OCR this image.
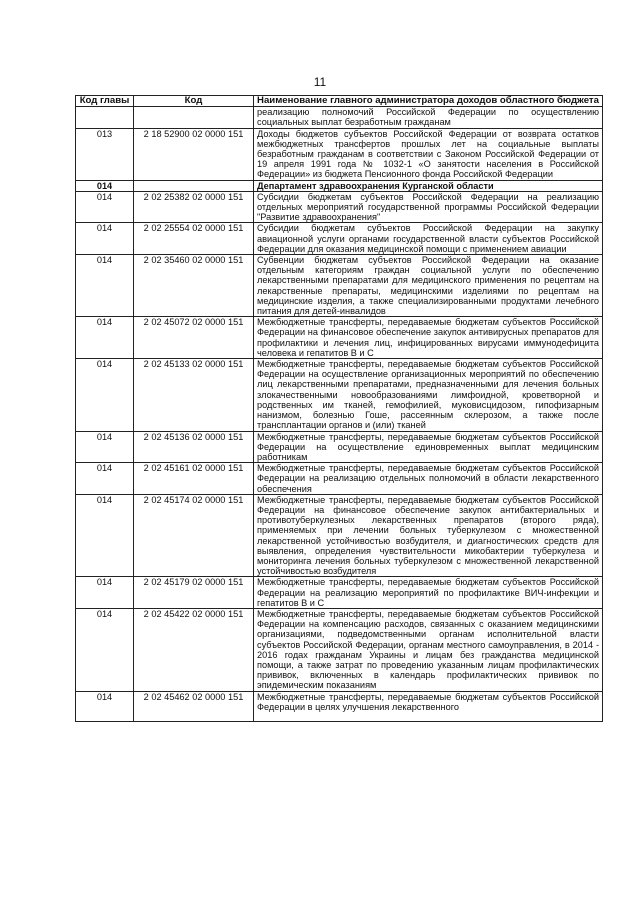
11
Код главы	Код	Наименование главного администратора доходов областного бюджета
		реализацию полномочий Российской Федерации по осуществлению социальных выплат безработным гражданам
013	2 18 52900 02 0000 151	Доходы бюджетов субъектов Российской Федерации от возврата остатков межбюджетных трансфертов прошлых лет на социальные выплаты безработным гражданам в соответствии с Законом Российской Федерации от 19 апреля 1991 года № 1032-1 «О занятости населения в Российской Федерации» из бюджета Пенсионного фонда Российской Федерации
014		Департамент здравоохранения Курганской области
014	2 02 25382 02 0000 151	Субсидии бюджетам субъектов Российской Федерации на реализацию отдельных мероприятий государственной программы Российской Федерации "Развитие здравоохранения"
014	2 02 25554 02 0000 151	Субсидии бюджетам субъектов Российской Федерации на закупку авиационной услуги органами государственной власти субъектов Российской Федерации для оказания медицинской помощи с применением авиации
014	2 02 35460 02 0000 151	Субвенции бюджетам субъектов Российской Федерации на оказание отдельным категориям граждан социальной услуги по обеспечению лекарственными препаратами для медицинского применения по рецептам на лекарственные препараты, медицинскими изделиями по рецептам на медицинские изделия, а также специализированными продуктами лечебного питания для детей-инвалидов
014	2 02 45072 02 0000 151	Межбюджетные трансферты, передаваемые бюджетам субъектов Российской Федерации на финансовое обеспечение закупок антивирусных препаратов для профилактики и лечения лиц, инфицированных вирусами иммунодефицита человека и гепатитов B и C
014	2 02 45133 02 0000 151	Межбюджетные трансферты, передаваемые бюджетам субъектов Российской Федерации на осуществление организационных мероприятий по обеспечению лиц лекарственными препаратами, предназначенными для лечения больных злокачественными новообразованиями лимфоидной, кроветворной и родственных им тканей, гемофилией, муковисцидозом, гипофизарным нанизмом, болезнью Гоше, рассеянным склерозом, а также после трансплантации органов и (или) тканей
014	2 02 45136 02 0000 151	Межбюджетные трансферты, передаваемые бюджетам субъектов Российской Федерации на осуществление единовременных выплат медицинским работникам
014	2 02 45161 02 0000 151	Межбюджетные трансферты, передаваемые бюджетам субъектов Российской Федерации на реализацию отдельных полномочий в области лекарственного обеспечения
014	2 02 45174 02 0000 151	Межбюджетные трансферты, передаваемые бюджетам субъектов Российской Федерации на финансовое обеспечение закупок антибактериальных и противотуберкулезных лекарственных препаратов (второго ряда), применяемых при лечении больных туберкулезом с множественной лекарственной устойчивостью возбудителя, и диагностических средств для выявления, определения чувствительности микобактерии туберкулеза и мониторинга лечения больных туберкулезом с множественной лекарственной устойчивостью возбудителя
014	2 02 45179 02 0000 151	Межбюджетные трансферты, передаваемые бюджетам субъектов Российской Федерации на реализацию мероприятий по профилактике ВИЧ-инфекции и гепатитов B и C
014	2 02 45422 02 0000 151	Межбюджетные трансферты, передаваемые бюджетам субъектов Российской Федерации на компенсацию расходов, связанных с оказанием медицинскими организациями, подведомственными органам исполнительной власти субъектов Российской Федерации, органам местного самоуправления, в 2014 - 2016 годах гражданам Украины и лицам без гражданства медицинской помощи, а также затрат по проведению указанным лицам профилактических прививок, включенных в календарь профилактических прививок по эпидемическим показаниям
014	2 02 45462 02 0000 151	Межбюджетные трансферты, передаваемые бюджетам субъектов Российской Федерации в целях улучшения лекарственного
